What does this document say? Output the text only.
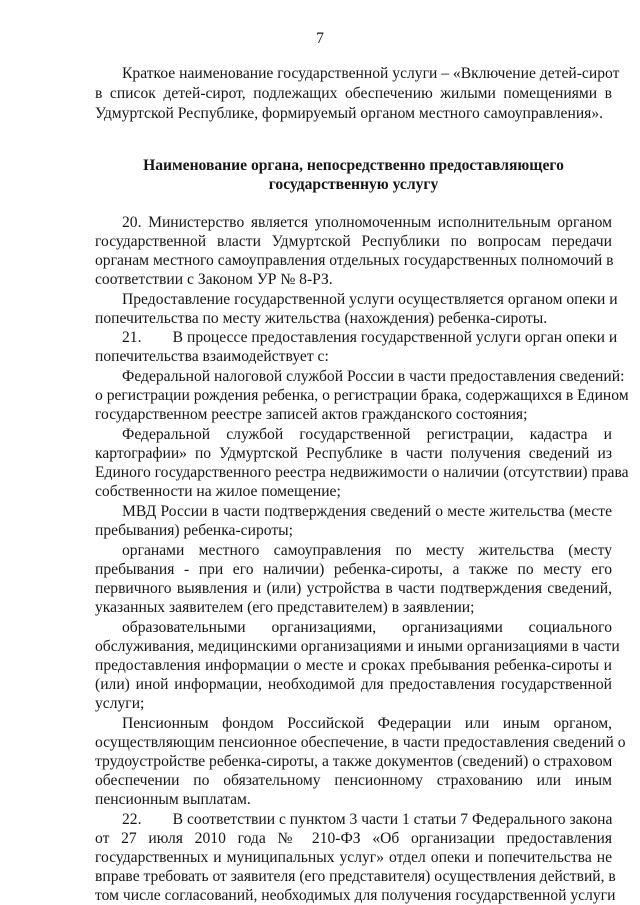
7
Краткое наименование государственной услуги – «Включение детей-сирот
в список детей-сирот, подлежащих обеспечению жилыми помещениями в
Удмуртской Республике, формируемый органом местного самоуправления».
Наименование органа, непосредственно предоставляющего
государственную услугу
20. Министерство является уполномоченным исполнительным органом
государственной власти Удмуртской Республики по вопросам передачи
органам местного самоуправления отдельных государственных полномочий в
соответствии с Законом УР № 8-РЗ.
Предоставление государственной услуги осуществляется органом опеки и
попечительства по месту жительства (нахождения) ребенка-сироты.
21.        В процессе предоставления государственной услуги орган опеки и
попечительства взаимодействует с:
Федеральной налоговой службой России в части предоставления сведений:
о регистрации рождения ребенка, о регистрации брака, содержащихся в Едином
государственном реестре записей актов гражданского состояния;
Федеральной службой государственной регистрации, кадастра и
картографии» по Удмуртской Республике в части получения сведений из
Единого государственного реестра недвижимости о наличии (отсутствии) права
собственности на жилое помещение;
МВД России в части подтверждения сведений о месте жительства (месте
пребывания) ребенка-сироты;
органами местного самоуправления по месту жительства (месту
пребывания - при его наличии) ребенка-сироты, а также по месту его
первичного выявления и (или) устройства в части подтверждения сведений,
указанных заявителем (его представителем) в заявлении;
образовательными организациями, организациями социального
обслуживания, медицинскими организациями и иными организациями в части
предоставления информации о месте и сроках пребывания ребенка-сироты и
(или) иной информации, необходимой для предоставления государственной
услуги;
Пенсионным фондом Российской Федерации или иным органом,
осуществляющим пенсионное обеспечение, в части предоставления сведений о
трудоустройстве ребенка-сироты, а также документов (сведений) о страховом
обеспечении по обязательному пенсионному страхованию или иным
пенсионным выплатам.
22.        В соответствии с пунктом 3 части 1 статьи 7 Федерального закона
от 27 июля 2010 года № 210-ФЗ «Об организации предоставления
государственных и муниципальных услуг» отдел опеки и попечительства не
вправе требовать от заявителя (его представителя) осуществления действий, в
том числе согласований, необходимых для получения государственной услуги
